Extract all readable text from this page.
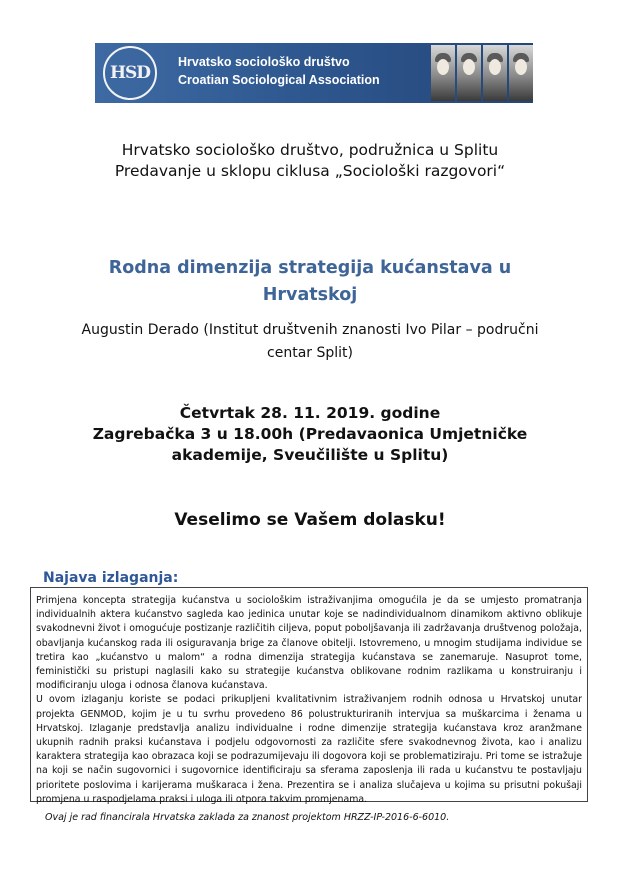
HSD
Hrvatsko sociološko društvo
Croatian Sociological Association
Hrvatsko sociološko društvo, podružnica u Splitu
Predavanje u sklopu ciklusa „Sociološki razgovori“
Rodna dimenzija strategija kućanstava u
Hrvatskoj
Augustin Derado (Institut društvenih znanosti Ivo Pilar – područni
centar Split)
Četvrtak 28. 11. 2019. godine
Zagrebačka 3 u 18.00h (Predavaonica Umjetničke
akademije, Sveučilište u Splitu)
Veselimo se Vašem dolasku!
Najava izlaganja:

Primjena koncepta strategija kućanstva u sociološkim istraživanjima omogućila je da se umjesto promatranja individualnih aktera kućanstvo sagleda kao jedinica unutar koje se nadindividualnom dinamikom aktivno oblikuje svakodnevni život i omogućuje postizanje različitih ciljeva, poput poboljšavanja ili zadržavanja društvenog položaja, obavljanja kućanskog rada ili osiguravanja brige za članove obitelji. Istovremeno, u mnogim studijama individue se tretira kao „kućanstvo u malom“ a rodna dimenzija strategija kućanstava se zanemaruje. Nasuprot tome, feministički su pristupi naglasili kako su strategije kućanstva oblikovane rodnim razlikama u konstruiranju i modificiranju uloga i odnosa članova kućanstava.

U ovom izlaganju koriste se podaci prikupljeni kvalitativnim istraživanjem rodnih odnosa u Hrvatskoj unutar projekta GENMOD, kojim je u tu svrhu provedeno 86 polustrukturiranih intervjua sa muškarcima i ženama u Hrvatskoj. Izlaganje predstavlja analizu individualne i rodne dimenzije strategija kućanstava kroz aranžmane ukupnih radnih praksi kućanstava i podjelu odgovornosti za različite sfere svakodnevnog života, kao i analizu karaktera strategija kao obrazaca koji se podrazumijevaju ili dogovora koji se problematiziraju. Pri tome se istražuje na koji se način sugovornici i sugovornice identificiraju sa sferama zaposlenja ili rada u kućanstvu te postavljaju prioritete poslovima i karijerama muškaraca i žena. Prezentira se i analiza slučajeva u kojima su prisutni pokušaji promjena u raspodjelama praksi i uloga ili otpora takvim promjenama.

Ovaj je rad financirala Hrvatska zaklada za znanost projektom HRZZ-IP-2016-6-6010.
